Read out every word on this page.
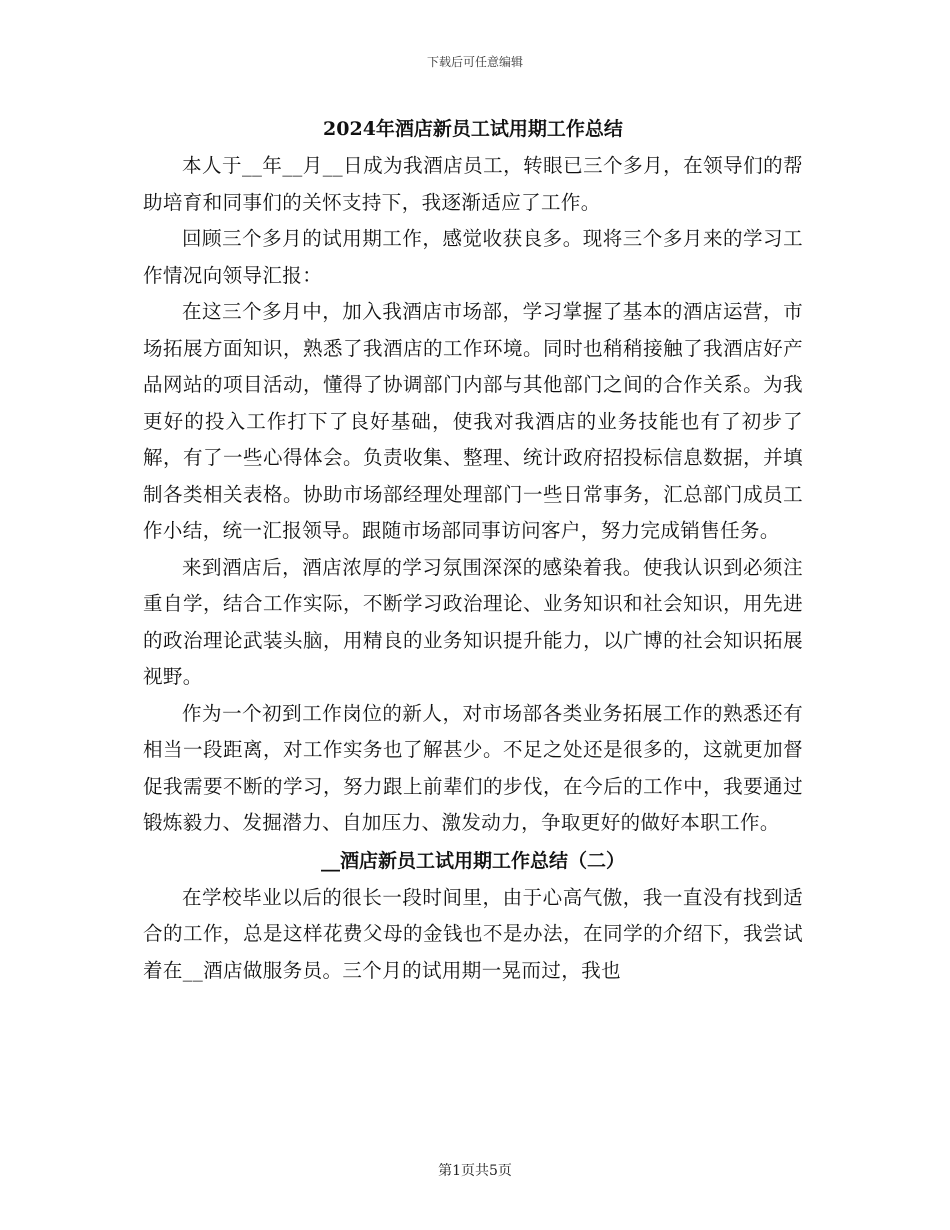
下载后可任意编辑
2024年酒店新员工试用期工作总结

本人于__年__月__日成为我酒店员工，转眼已三个多月，在领导们的帮助培育和同事们的关怀支持下，我逐渐适应了工作。

回顾三个多月的试用期工作，感觉收获良多。现将三个多月来的学习工作情况向领导汇报：

在这三个多月中，加入我酒店市场部，学习掌握了基本的酒店运营，市场拓展方面知识，熟悉了我酒店的工作环境。同时也稍稍接触了我酒店好产品网站的项目活动，懂得了协调部门内部与其他部门之间的合作关系。为我更好的投入工作打下了良好基础，使我对我酒店的业务技能也有了初步了解，有了一些心得体会。负责收集、整理、统计政府招投标信息数据，并填制各类相关表格。协助市场部经理处理部门一些日常事务，汇总部门成员工作小结，统一汇报领导。跟随市场部同事访问客户，努力完成销售任务。

来到酒店后，酒店浓厚的学习氛围深深的感染着我。使我认识到必须注重自学，结合工作实际，不断学习政治理论、业务知识和社会知识，用先进的政治理论武装头脑，用精良的业务知识提升能力，以广博的社会知识拓展视野。

作为一个初到工作岗位的新人，对市场部各类业务拓展工作的熟悉还有相当一段距离，对工作实务也了解甚少。不足之处还是很多的，这就更加督促我需要不断的学习，努力跟上前辈们的步伐，在今后的工作中，我要通过锻炼毅力、发掘潜力、自加压力、激发动力，争取更好的做好本职工作。

__酒店新员工试用期工作总结（二）

在学校毕业以后的很长一段时间里，由于心高气傲，我一直没有找到适合的工作，总是这样花费父母的金钱也不是办法，在同学的介绍下，我尝试着在__酒店做服务员。三个月的试用期一晃而过，我也

第1页共5页
